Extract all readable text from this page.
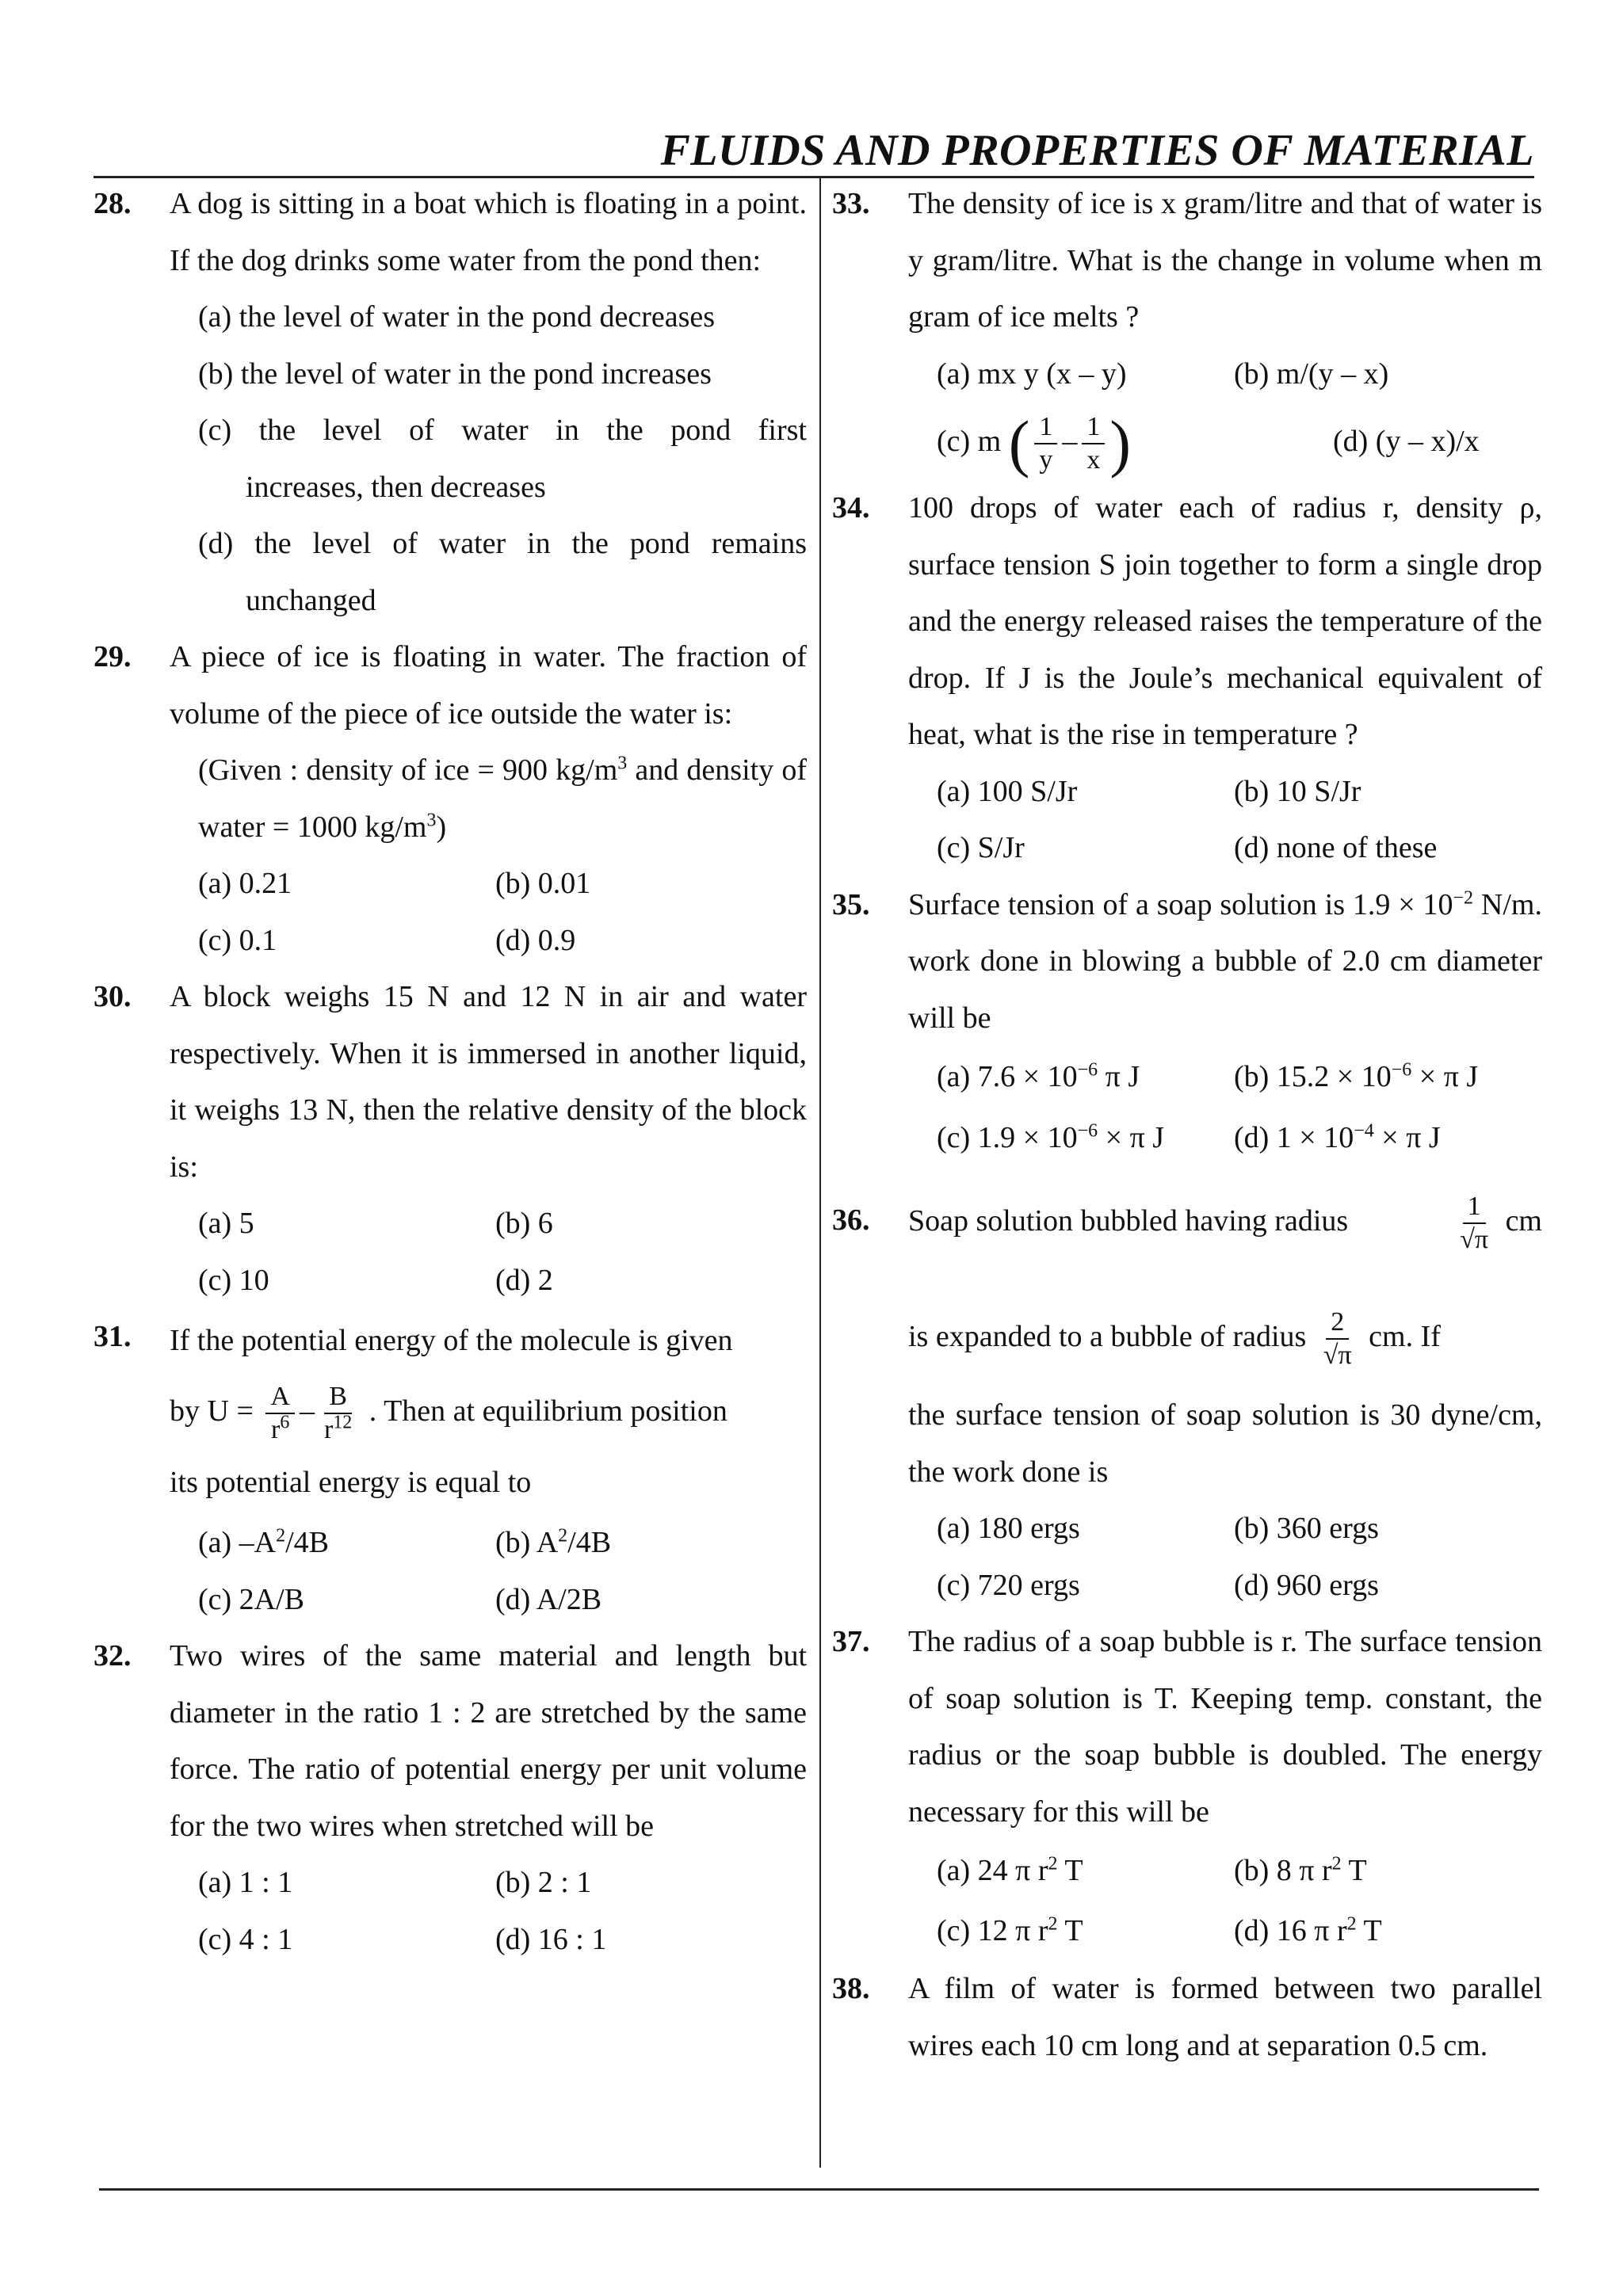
FLUIDS AND PROPERTIES OF MATERIAL
28.	A dog is sitting in a boat which is floating in a point. If the dog drinks some water from the pond then:
(a) the level of water in the pond decreases
(b) the level of water in the pond increases
(c) the level of water in the pond first
increases, then decreases
(d) the level of water in the pond remains
unchanged
29.	A piece of ice is floating in water. The fraction of volume of the piece of ice outside the water is:
(Given : density of ice = 900 $kg/m^3$ and density of water = 1000 $kg/m^3$)
(a) 0.21	(b) 0.01
(c) 0.1	(d) 0.9
30.	A block weighs 15 N and 12 N in air and water respectively. When it is immersed in another liquid, it weighs 13 N, then the relative density of the block is:
(a) 5	(b) 6
(c) 10	(d) 2
31.	If the potential energy of the molecule is given
by $U = \frac{A}{r^6} - \frac{B}{r^{12}}$ . Then at equilibrium position
its potential energy is equal to
(a) $-A^2/4B$	(b) $A^2/4B$
(c) 2A/B	(d) A/2B
32.	Two wires of the same material and length but diameter in the ratio 1 : 2 are stretched by the same force. The ratio of potential energy per unit volume for the two wires when stretched will be
(a) 1 : 1	(b) 2 : 1
(c) 4 : 1	(d) 16 : 1
33.	The density of ice is x gram/litre and that of water is y gram/litre. What is the change in volume when m gram of ice melts ?
(a) mx y (x – y)	(b) m/(y – x)
(c) m ( $\frac{1}{y} - \frac{1}{x}$ )	(d) (y – x)/x
34.	100 drops of water each of radius r, density ρ, surface tension S join together to form a single drop and the energy released raises the temperature of the drop. If J is the Joule’s mechanical equivalent of heat, what is the rise in temperature ?
(a) 100 S/Jr	(b) 10 S/Jr
(c) S/Jr	(d) none of these
35.	Surface tension of a soap solution is $1.9 \times 10^{-2}$ N/m. work done in blowing a bubble of 2.0 cm diameter will be
(a) $7.6 \times 10^{-6}$ π J	(b) $15.2 \times 10^{-6} \times \pi$ J
(c) $1.9 \times 10^{-6} \times \pi$ J	(d) $1 \times 10^{-4} \times \pi$ J
36.	Soap solution bubbled having radius	$\frac{1}{√\pi}$ cm
is expanded to a bubble of radius $\frac{2}{√\pi}$ cm. If
the surface tension of soap solution is 30 dyne/cm, the work done is
(a) 180 ergs	(b) 360 ergs
(c) 720 ergs	(d) 960 ergs
37.	The radius of a soap bubble is r. The surface tension of soap solution is T. Keeping temp. constant, the radius or the soap bubble is doubled. The energy necessary for this will be
(a) 24 π $r^2$ T	(b) 8 π $r^2$ T
(c) 12 π $r^2$ T	(d) 16 π $r^2$ T
38.	A film of water is formed between two parallel wires each 10 cm long and at separation 0.5 cm.
